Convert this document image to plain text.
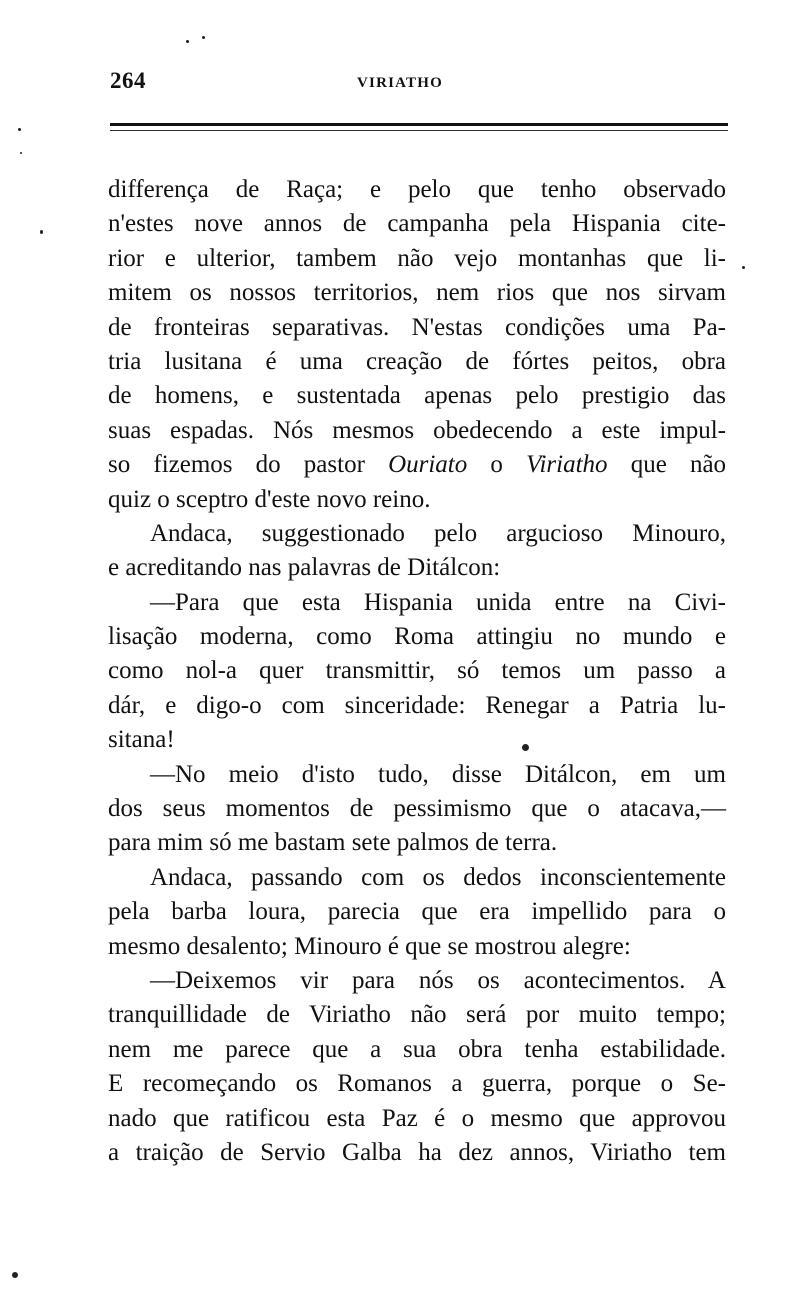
264	VIRIATHO
differença de Raça; e pelo que tenho observado
n'estes nove annos de campanha pela Hispania cite-
rior e ulterior, tambem não vejo montanhas que li-
mitem os nossos territorios, nem rios que nos sirvam
de fronteiras separativas. N'estas condições uma Pa-
tria lusitana é uma creação de fórtes peitos, obra
de homens, e sustentada apenas pelo prestigio das
suas espadas. Nós mesmos obedecendo a este impul-
so fizemos do pastor Ouriato o Viriatho que não
quiz o sceptro d'este novo reino.
Andaca, suggestionado pelo argucioso Minouro,
e acreditando nas palavras de Ditálcon:
—Para que esta Hispania unida entre na Civi-
lisação moderna, como Roma attingiu no mundo e
como nol-a quer transmittir, só temos um passo a
dár, e digo-o com sinceridade: Renegar a Patria lu-
sitana!
—No meio d'isto tudo, disse Ditálcon, em um
dos seus momentos de pessimismo que o atacava,—
para mim só me bastam sete palmos de terra.
Andaca, passando com os dedos inconscientemente
pela barba loura, parecia que era impellido para o
mesmo desalento; Minouro é que se mostrou alegre:
—Deixemos vir para nós os acontecimentos. A
tranquillidade de Viriatho não será por muito tempo;
nem me parece que a sua obra tenha estabilidade.
E recomeçando os Romanos a guerra, porque o Se-
nado que ratificou esta Paz é o mesmo que approvou
a traição de Servio Galba ha dez annos, Viriatho tem
